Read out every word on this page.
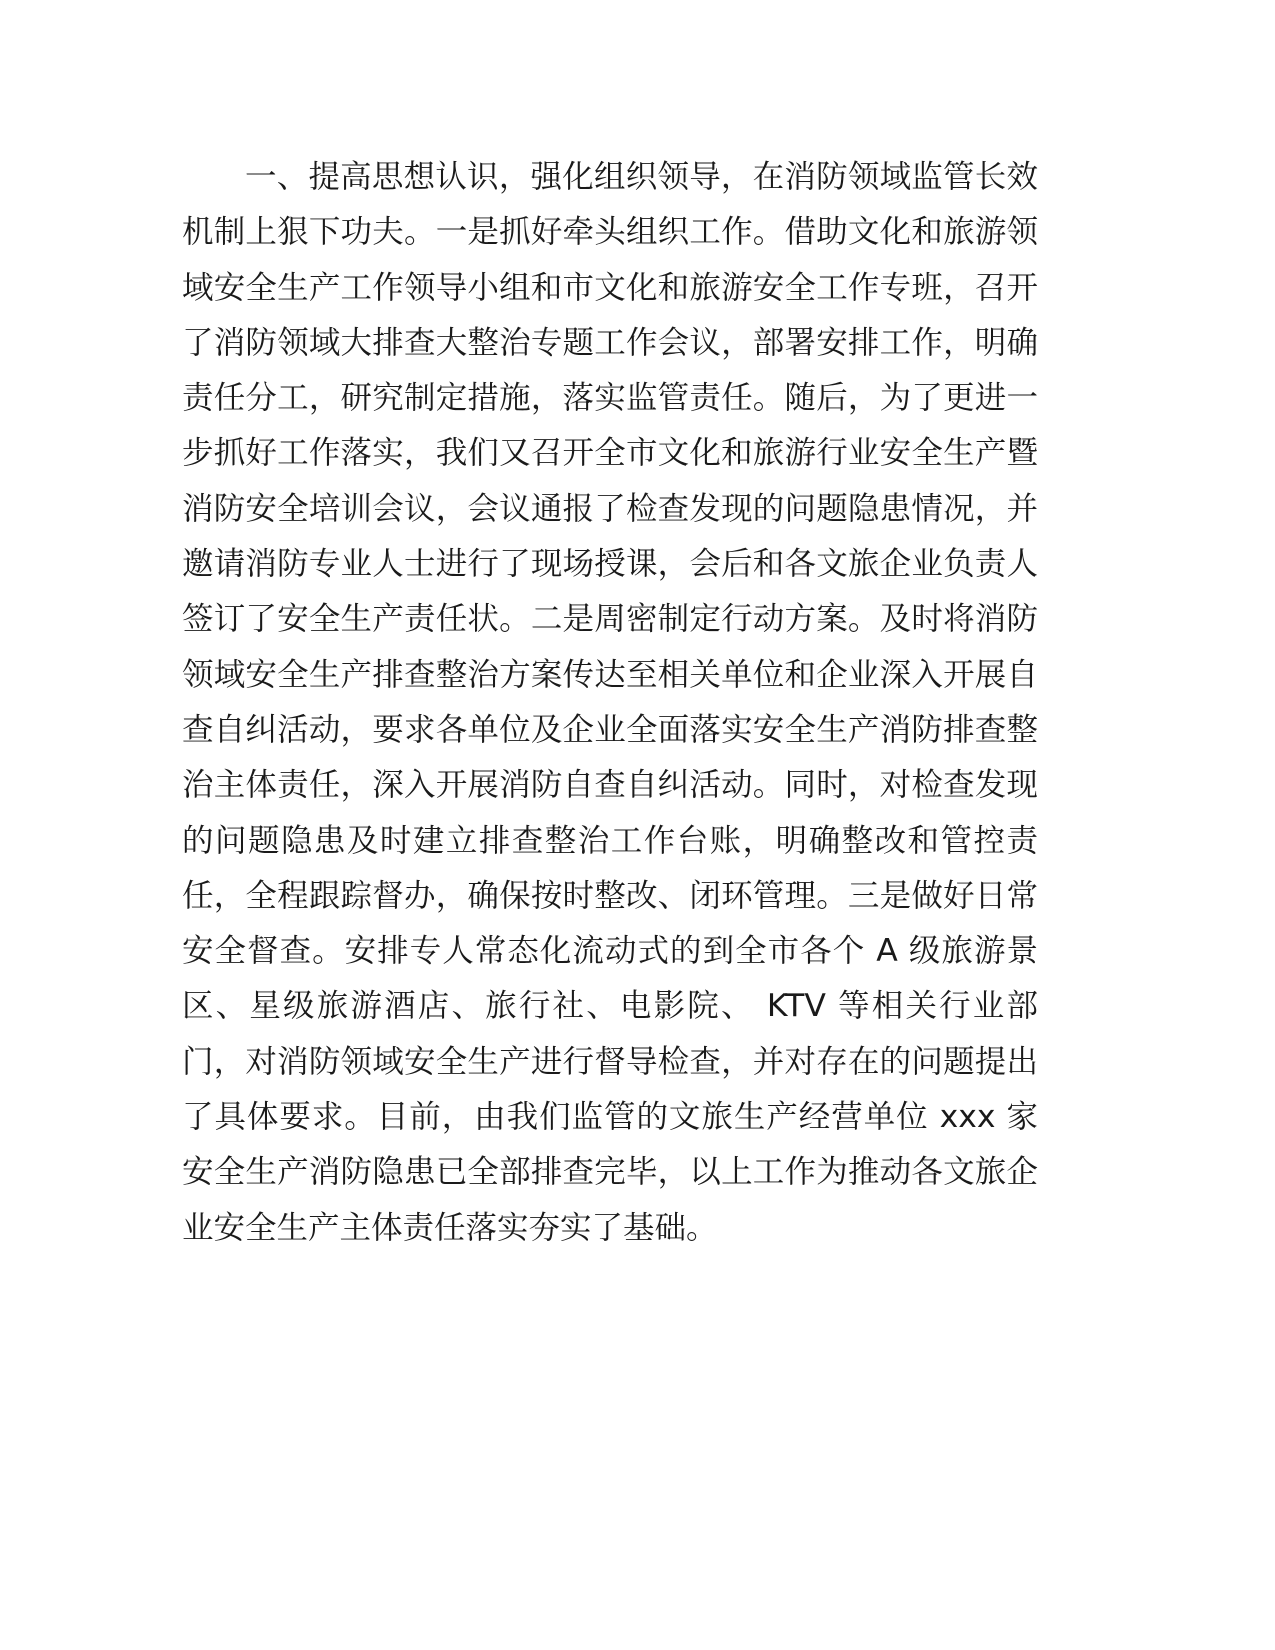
一、提高思想认识，强化组织领导，在消防领域监管长效
机制上狠下功夫。一是抓好牵头组织工作。借助文化和旅游领
域安全生产工作领导小组和市文化和旅游安全工作专班，召开
了消防领域大排查大整治专题工作会议，部署安排工作，明确
责任分工，研究制定措施，落实监管责任。随后，为了更进一
步抓好工作落实，我们又召开全市文化和旅游行业安全生产暨
消防安全培训会议，会议通报了检查发现的问题隐患情况，并
邀请消防专业人士进行了现场授课，会后和各文旅企业负责人
签订了安全生产责任状。二是周密制定行动方案。及时将消防
领域安全生产排查整治方案传达至相关单位和企业深入开展自
查自纠活动，要求各单位及企业全面落实安全生产消防排查整
治主体责任，深入开展消防自查自纠活动。同时，对检查发现
的问题隐患及时建立排查整治工作台账，明确整改和管控责
任，全程跟踪督办，确保按时整改、闭环管理。三是做好日常
安全督查。安排专人常态化流动式的到全市各个 A 级旅游景
区、星级旅游酒店、旅行社、电影院、 KTV 等相关行业部
门，对消防领域安全生产进行督导检查，并对存在的问题提出
了具体要求。目前，由我们监管的文旅生产经营单位 xxx 家
安全生产消防隐患已全部排查完毕，以上工作为推动各文旅企
业安全生产主体责任落实夯实了基础。
